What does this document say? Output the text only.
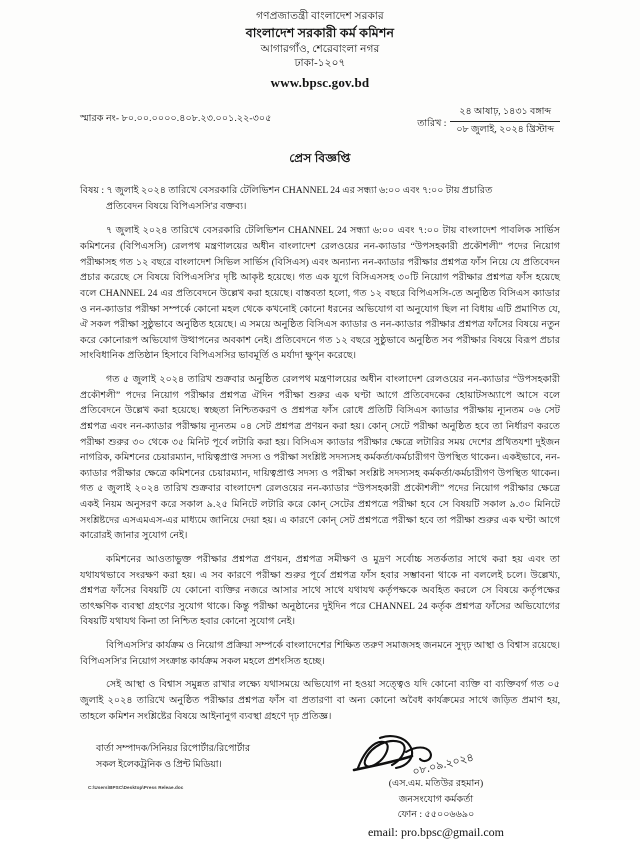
গণপ্রজাতন্ত্রী বাংলাদেশ সরকার
বাংলাদেশ সরকারী কর্ম কমিশন
আগারগাঁও, শেরেবাংলা নগর
ঢাকা-১২০৭
www.bpsc.gov.bd
স্মারক নং- ৮০.০০.০০০০.৪০৮.২৩.০০১.২২-৩০৫	তারিখ :
২৪ আষাঢ়, ১৪৩১ বঙ্গাব্দ
০৮ জুলাই, ২০২৪ খ্রিস্টাব্দ
প্রেস বিজ্ঞপ্তি
বিষয় : ৭ জুলাই ২০২৪ তারিখে বেসরকারি টেলিভিশন CHANNEL 24 এর সন্ধ্যা ৬:০০ এবং ৭:০০ টায় প্রচারিত
প্রতিবেদন বিষয়ে বিপিএসসি'র বক্তব্য।

৭ জুলাই ২০২৪ তারিখে বেসরকারি টেলিভিশন CHANNEL 24 সন্ধ্যা ৬:০০ এবং ৭:০০ টায় বাংলাদেশ পাবলিক সার্ভিস কমিশনের (বিপিএসসি) রেলপথ মন্ত্রণালয়ের অধীন বাংলাদেশ রেলওয়ের নন-ক্যাডার “উপসহকারী প্রকৌশলী” পদের নিয়োগ পরীক্ষাসহ গত ১২ বছরে বাংলাদেশ সিভিল সার্ভিস (বিসিএস) এবং অন্যান্য নন-ক্যাডার পরীক্ষার প্রশ্নপত্র ফাঁস নিয়ে যে প্রতিবেদন প্রচার করেছে সে বিষয়ে বিপিএসসি'র দৃষ্টি আকৃষ্ট হয়েছে। গত এক যুগে বিসিএসসহ ৩০টি নিয়োগ পরীক্ষার প্রশ্নপত্র ফাঁস হয়েছে বলে CHANNEL 24 এর প্রতিবেদনে উল্লেখ করা হয়েছে। বাস্তবতা হলো, গত ১২ বছরে বিপিএসসি-তে অনুষ্ঠিত বিসিএস ক্যাডার ও নন-ক্যাডার পরীক্ষা সম্পর্কে কোনো মহল থেকে কখনোই কোনো ধরনের অভিযোগ বা অনুযোগ ছিল না বিধায় এটি প্রমাণিত যে, ঐ সকল পরীক্ষা সুষ্ঠুভাবে অনুষ্ঠিত হয়েছে। এ সময়ে অনুষ্ঠিত বিসিএস ক্যাডার ও নন-ক্যাডার পরীক্ষার প্রশ্নপত্র ফাঁসের বিষয়ে নতুন করে কোনোরূপ অভিযোগ উত্থাপনের অবকাশ নেই। প্রতিবেদনে গত ১২ বছরে সুষ্ঠুভাবে অনুষ্ঠিত সব পরীক্ষার বিষয়ে বিরূপ প্রচার সাংবিধানিক প্রতিষ্ঠান হিসাবে বিপিএসসির ভাবমূর্তি ও মর্যাদা ক্ষুণ্ন করেছে।

গত ৫ জুলাই ২০২৪ তারিখ শুক্রবার অনুষ্ঠিত রেলপথ মন্ত্রণালয়ের অধীন বাংলাদেশ রেলওয়ের নন-ক্যাডার “উপসহকারী প্রকৌশলী” পদের নিয়োগ পরীক্ষার প্রশ্নপত্র ঐদিন পরীক্ষা শুরুর এক ঘণ্টা আগে প্রতিবেদকের হোয়াটসঅ্যাপে আসে বলে প্রতিবেদনে উল্লেখ করা হয়েছে। স্বচ্ছতা নিশ্চিতকরণ ও প্রশ্নপত্র ফাঁস রোধে প্রতিটি বিসিএস ক্যাডার পরীক্ষায় ন্যূনতম ০৬ সেট প্রশ্নপত্র এবং নন-ক্যাডার পরীক্ষায় ন্যূনতম ০৪ সেট প্রশ্নপত্র প্রণয়ন করা হয়। কোন্ সেটে পরীক্ষা অনুষ্ঠিত হবে তা নির্ধারণ করতে পরীক্ষা শুরুর ৩০ থেকে ৩৫ মিনিট পূর্বে লটারি করা হয়। বিসিএস ক্যাডার পরীক্ষার ক্ষেত্রে লটারির সময় দেশের প্রথিতযশা দুইজন নাগরিক, কমিশনের চেয়ারম্যান, দায়িত্বপ্রাপ্ত সদস্য ও পরীক্ষা সংশ্লিষ্ট সদস্যসহ কর্মকর্তা/কর্মচারীগণ উপস্থিত থাকেন। একইভাবে, নন-ক্যাডার পরীক্ষার ক্ষেত্রে কমিশনের চেয়ারম্যান, দায়িত্বপ্রাপ্ত সদস্য ও পরীক্ষা সংশ্লিষ্ট সদস্যসহ কর্মকর্তা/কর্মচারীগণ উপস্থিত থাকেন। গত ৫ জুলাই ২০২৪ তারিখ শুক্রবার বাংলাদেশ রেলওয়ের নন-ক্যাডার “উপসহকারী প্রকৌশলী” পদের নিয়োগ পরীক্ষার ক্ষেত্রে একই নিয়ম অনুসরণ করে সকাল ৯.২৫ মিনিটে লটারি করে কোন্ সেটের প্রশ্নপত্রে পরীক্ষা হবে সে বিষয়টি সকাল ৯.৩০ মিনিটে সংশ্লিষ্টদের এসএমএস-এর মাধ্যমে জানিয়ে দেয়া হয়। এ কারণে কোন্ সেট প্রশ্নপত্রে পরীক্ষা হবে তা পরীক্ষা শুরুর এক ঘণ্টা আগে কারোরই জানার সুযোগ নেই।

কমিশনের আওতাভুক্ত পরীক্ষার প্রশ্নপত্র প্রণয়ন, প্রশ্নপত্র সমীক্ষণ ও মুদ্রণ সর্বোচ্চ সতর্কতার সাথে করা হয় এবং তা যথাযথভাবে সংরক্ষণ করা হয়। এ সব কারণে পরীক্ষা শুরুর পূর্বে প্রশ্নপত্র ফাঁস হবার সম্ভাবনা থাকে না বললেই চলে। উল্লেখ্য, প্রশ্নপত্র ফাঁসের বিষয়টি যে কোনো ব্যক্তির নজরে আসার সাথে সাথে যথাযথ কর্তৃপক্ষকে অবহিত করলে সে বিষয়ে কর্তৃপক্ষের তাৎক্ষণিক ব্যবস্থা গ্রহণের সুযোগ থাকে। কিন্তু পরীক্ষা অনুষ্ঠানের দুইদিন পরে CHANNEL 24 কর্তৃক প্রশ্নপত্র ফাঁসের অভিযোগের বিষয়টি যথাযথ কিনা তা নিশ্চিত হবার কোনো সুযোগ নেই।

বিপিএসসি'র কার্যক্রম ও নিয়োগ প্রক্রিয়া সম্পর্কে বাংলাদেশের শিক্ষিত তরুণ সমাজসহ জনমনে সুদৃঢ় আস্থা ও বিশ্বাস রয়েছে। বিপিএসসি'র নিয়োগ সংক্রান্ত কার্যক্রম সকল মহলে প্রশংসিত হচ্ছে।

সেই আস্থা ও বিশ্বাস সমুন্নত রাখার লক্ষ্যে যথাসময়ে অভিযোগ না হওয়া সত্ত্বেও যদি কোনো ব্যক্তি বা ব্যক্তিবর্গ গত ০৫ জুলাই ২০২৪ তারিখে অনুষ্ঠিত পরীক্ষার প্রশ্নপত্র ফাঁস বা প্রতারণা বা অন্য কোনো অবৈধ কার্যক্রমের সাথে জড়িত প্রমাণ হয়, তাহলে কমিশন সংশ্লিষ্টের বিষয়ে আইনানুগ ব্যবস্থা গ্রহণে দৃঢ় প্রতিজ্ঞ।

০৮.০৯.২০২৪
(এস.এম. মতিউর রহমান)
জনসংযোগ কর্মকর্তা
ফোন : ৫৫০০৬৬৯০
email: pro.bpsc@gmail.com
বার্তা সম্পাদক/সিনিয়র রিপোর্টার/রিপোর্টার
সকল ইলেকট্রনিক ও প্রিন্ট মিডিয়া।
C:\Users\BPSC\Desktop\Press Releae.doc
